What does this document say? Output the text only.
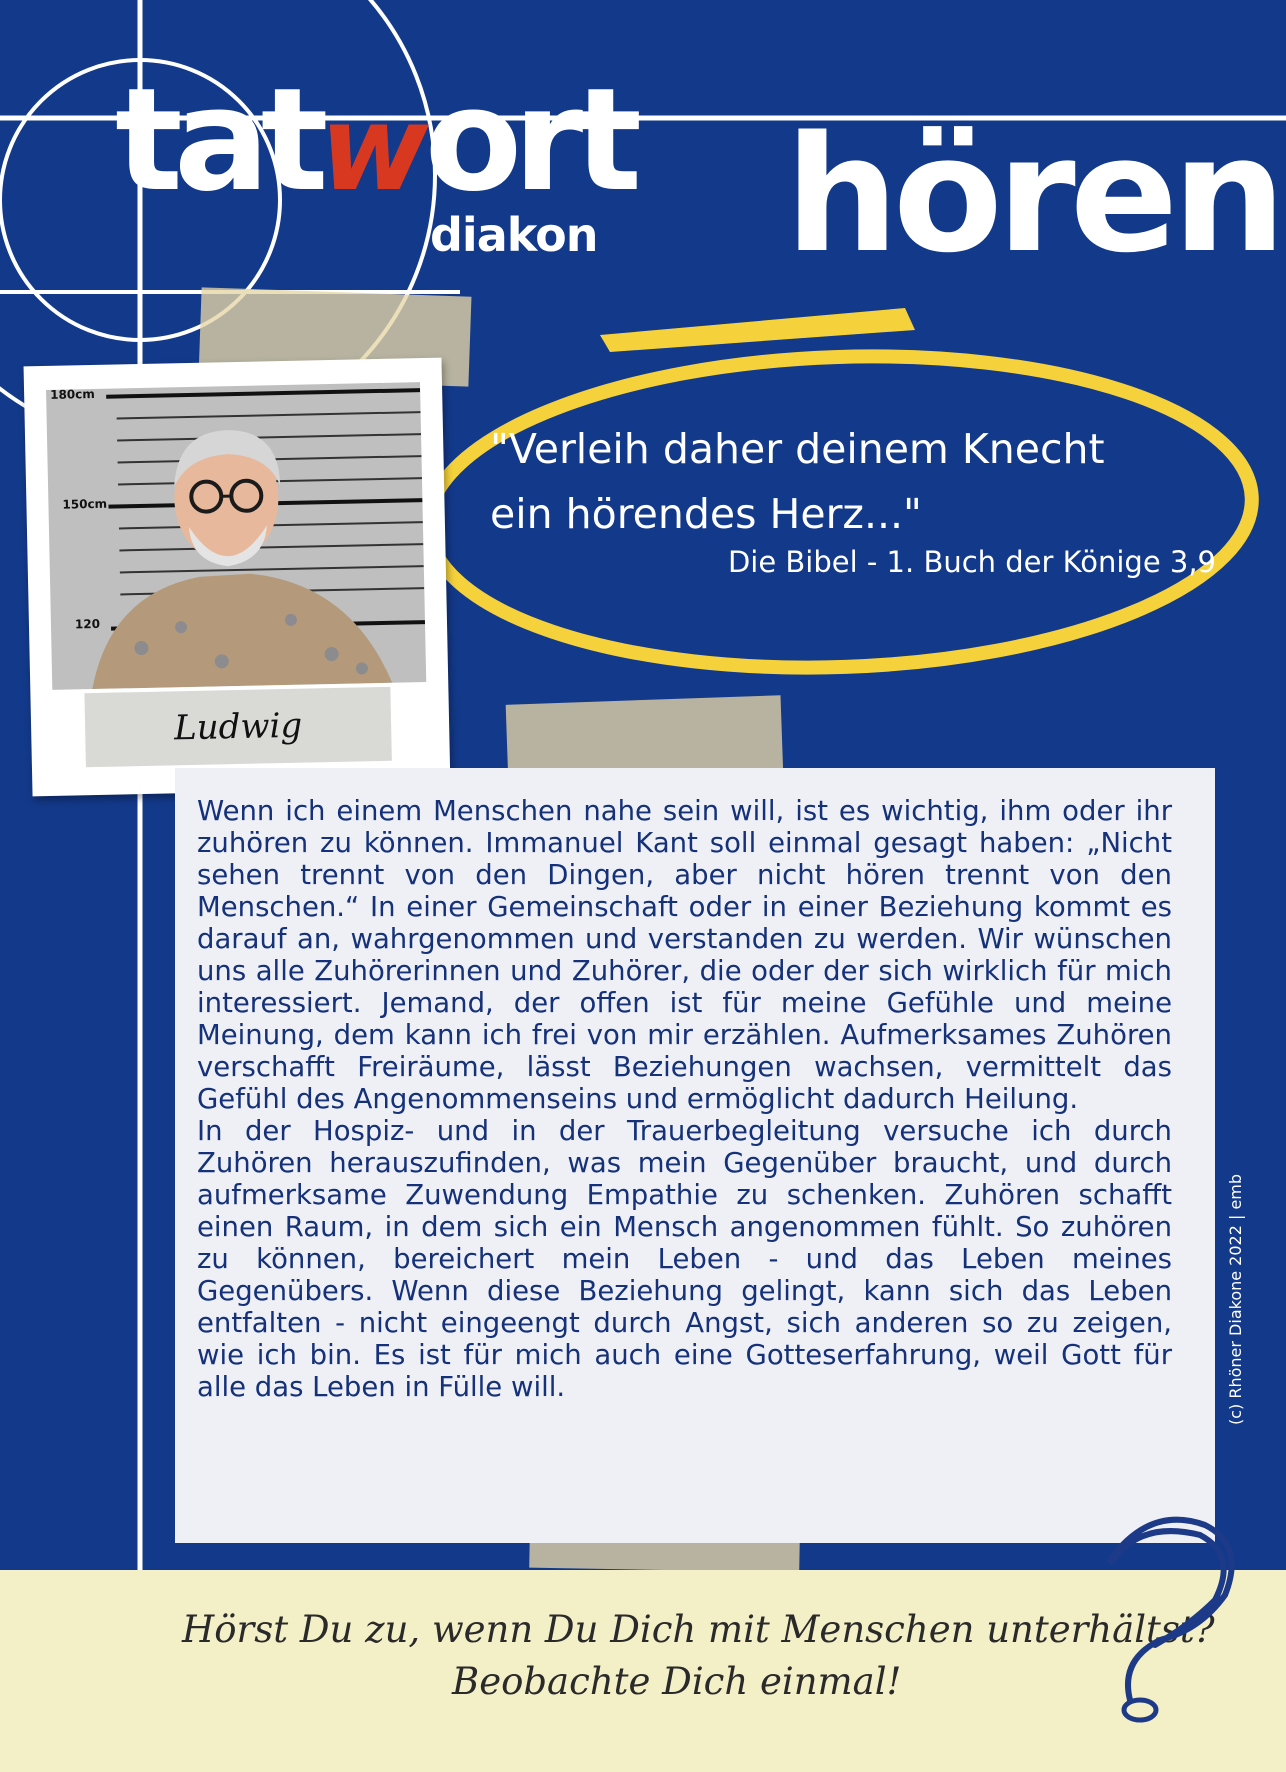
tatwort
diakon hören
"Verleih daher deinem Knecht
ein hörendes Herz..."
Die Bibel - 1. Buch der Könige 3,9
180cm
150cm
120
Ludwig

Wenn ich einem Menschen nahe sein will, ist es wichtig, ihm oder ihr zuhören zu können. Immanuel Kant soll einmal gesagt haben: „Nicht sehen trennt von den Dingen, aber nicht hören trennt von den Menschen.“ In einer Gemeinschaft oder in einer Beziehung kommt es darauf an, wahrgenommen und verstanden zu werden. Wir wünschen uns alle Zuhörerinnen und Zuhörer, die oder der sich wirklich für mich interessiert. Jemand, der offen ist für meine Gefühle und meine Meinung, dem kann ich frei von mir erzählen. Aufmerksames Zuhören verschafft Freiräume, lässt Beziehungen wachsen, vermittelt das Gefühl des Angenommenseins und ermöglicht dadurch Heilung.

In der Hospiz- und in der Trauerbegleitung versuche ich durch Zuhören herauszufinden, was mein Gegenüber braucht, und durch aufmerksame Zuwendung Empathie zu schenken. Zuhören schafft einen Raum, in dem sich ein Mensch angenommen fühlt. So zuhören zu können, bereichert mein Leben - und das Leben meines Gegenübers. Wenn diese Beziehung gelingt, kann sich das Leben entfalten - nicht eingeengt durch Angst, sich anderen so zu zeigen, wie ich bin. Es ist für mich auch eine Gotteserfahrung, weil Gott für alle das Leben in Fülle will.	(c) Rhöner Diakone 2022 | emb
Hörst Du zu, wenn Du Dich mit Menschen unterhältst?
Beobachte Dich einmal!
